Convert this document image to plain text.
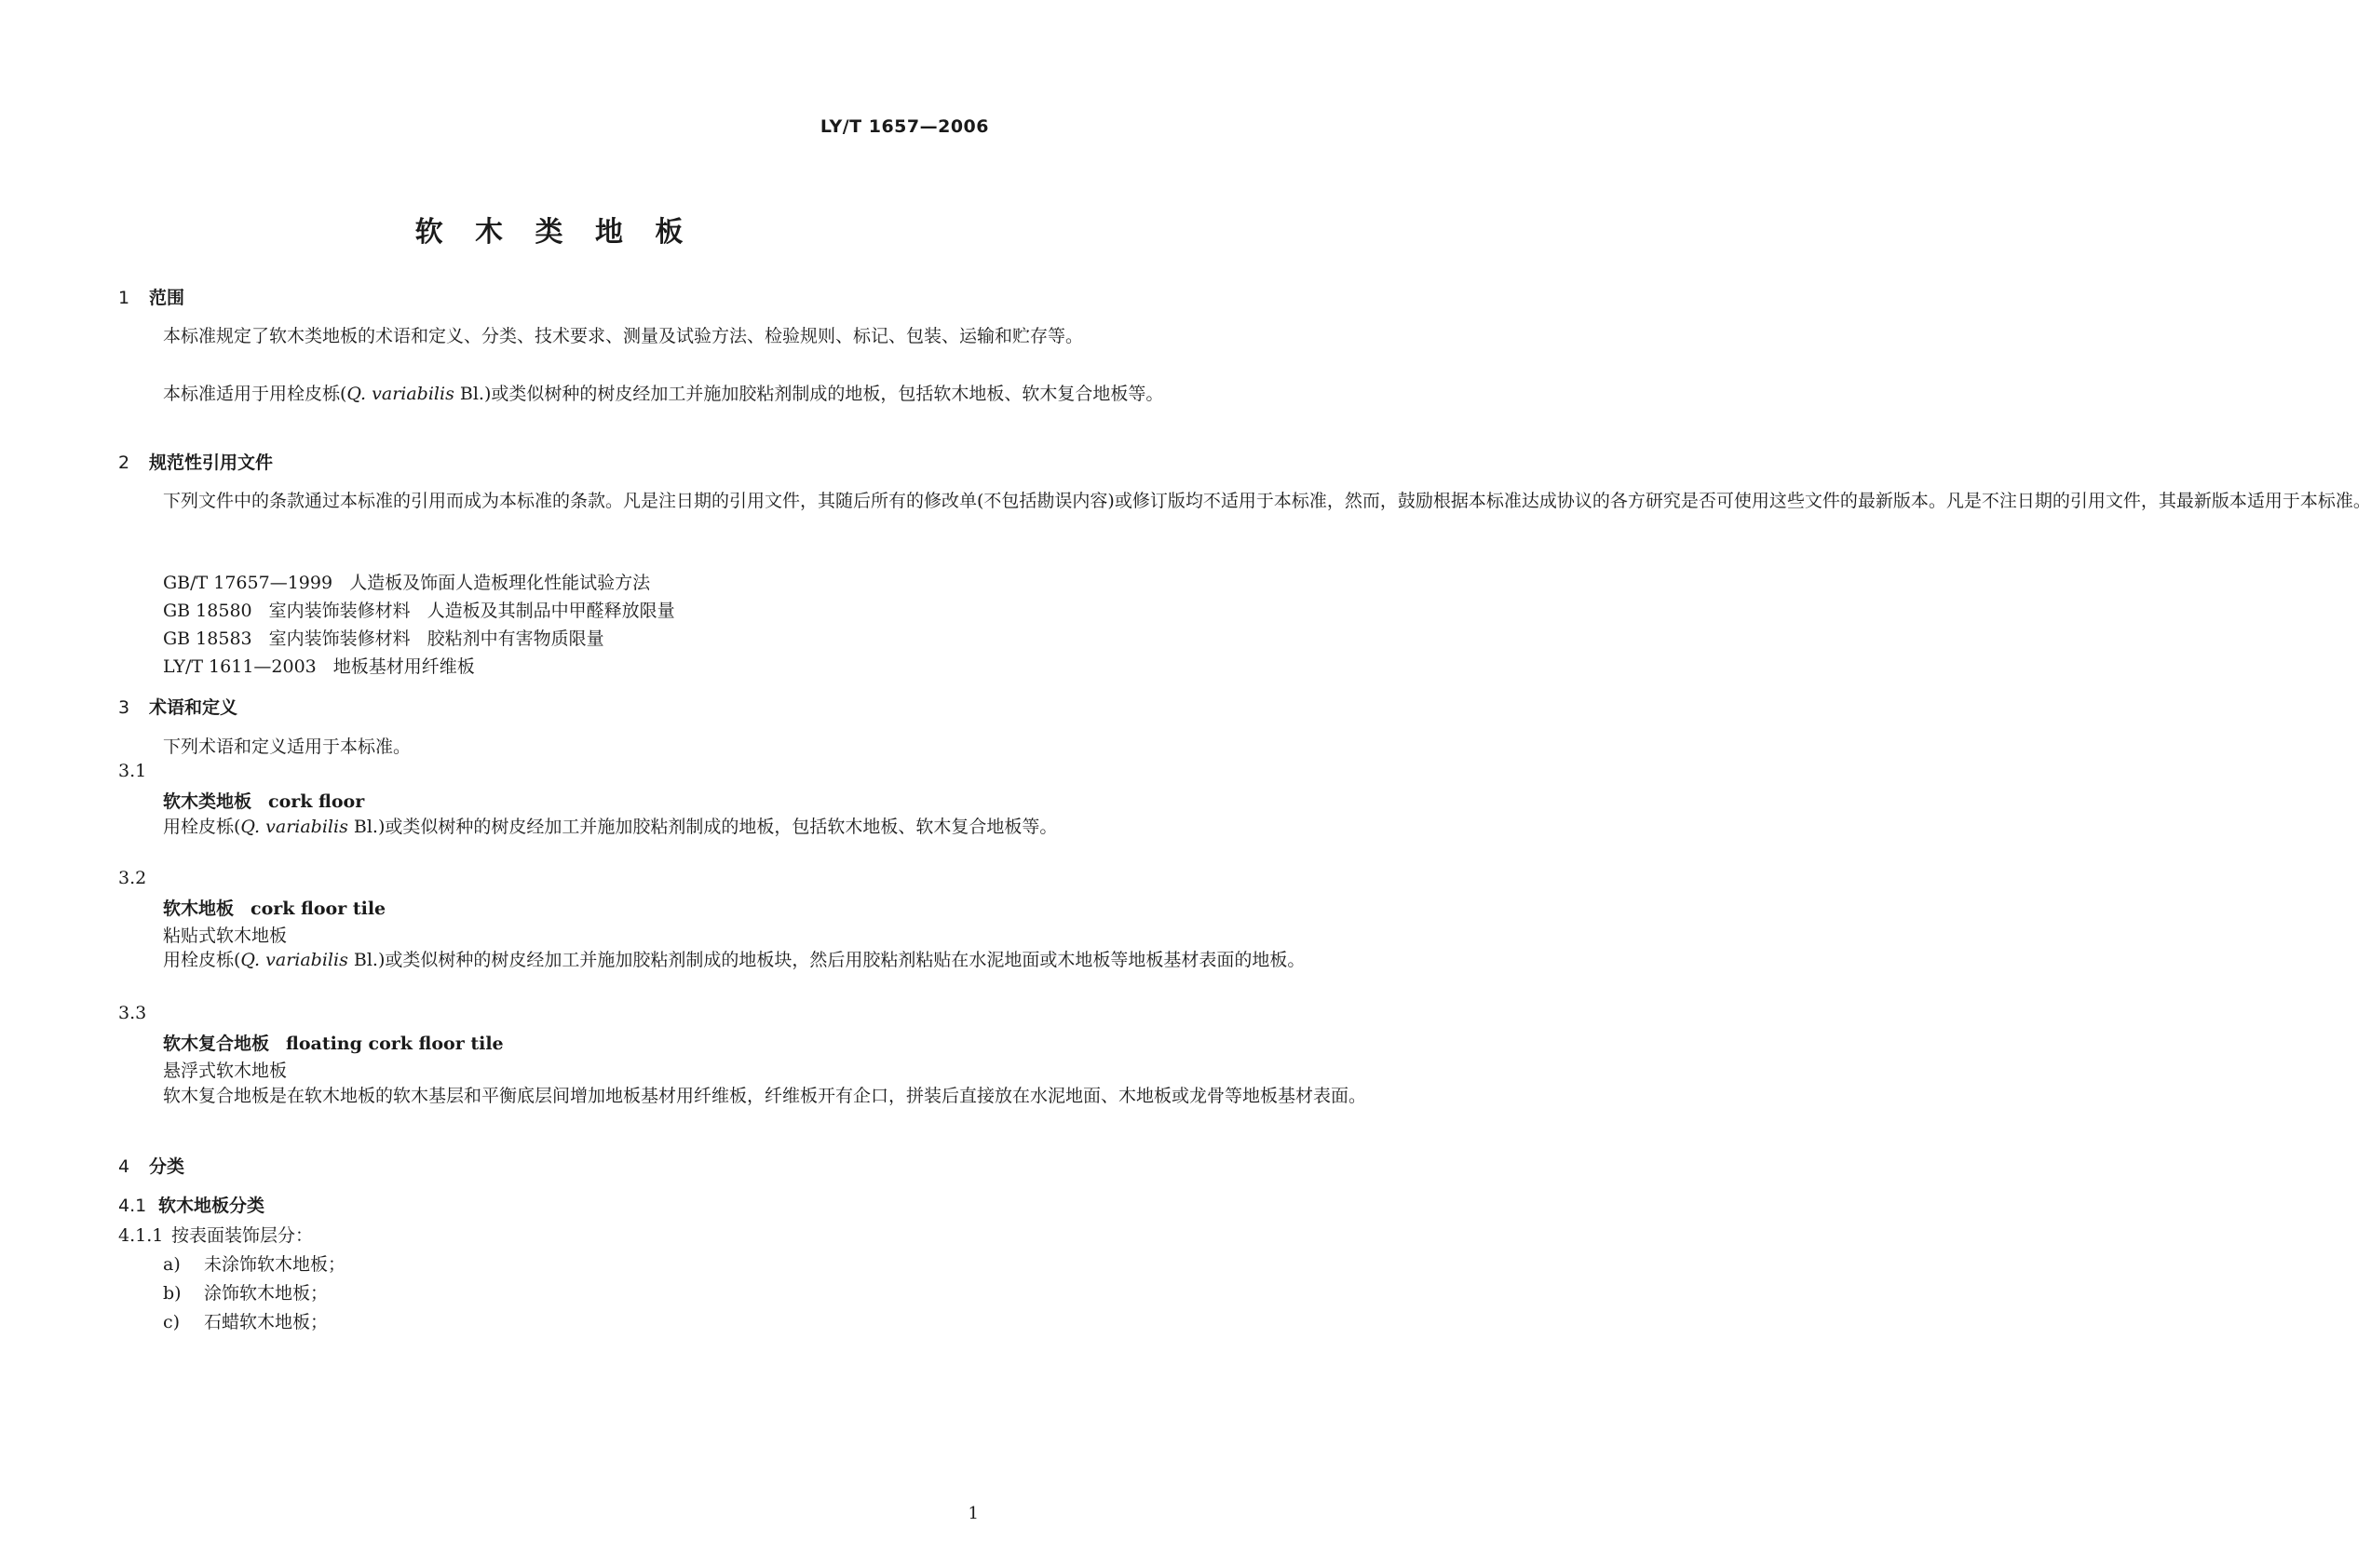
LY/T 1657—2006
软 木 类 地 板
1 范围
本标准规定了软木类地板的术语和定义、分类、技术要求、测量及试验方法、检验规则、标记、包装、运输和贮存等。
本标准适用于用栓皮栎(Q. variabilis Bl.)或类似树种的树皮经加工并施加胶粘剂制成的地板，包括软木地板、软木复合地板等。
2 规范性引用文件
下列文件中的条款通过本标准的引用而成为本标准的条款。凡是注日期的引用文件，其随后所有的修改单(不包括勘误内容)或修订版均不适用于本标准，然而，鼓励根据本标准达成协议的各方研究是否可使用这些文件的最新版本。凡是不注日期的引用文件，其最新版本适用于本标准。
GB/T 17657—1999 人造板及饰面人造板理化性能试验方法
GB 18580 室内装饰装修材料 人造板及其制品中甲醛释放限量
GB 18583 室内装饰装修材料 胶粘剂中有害物质限量
LY/T 1611—2003 地板基材用纤维板
3 术语和定义
下列术语和定义适用于本标准。
3.1
软木类地板 cork floor
用栓皮栎(Q. variabilis Bl.)或类似树种的树皮经加工并施加胶粘剂制成的地板，包括软木地板、软木复合地板等。
3.2
软木地板 cork floor tile
粘贴式软木地板
用栓皮栎(Q. variabilis Bl.)或类似树种的树皮经加工并施加胶粘剂制成的地板块，然后用胶粘剂粘贴在水泥地面或木地板等地板基材表面的地板。
3.3
软木复合地板 floating cork floor tile
悬浮式软木地板
软木复合地板是在软木地板的软木基层和平衡底层间增加地板基材用纤维板，纤维板开有企口，拼装后直接放在水泥地面、木地板或龙骨等地板基材表面。
4 分类
4.1 软木地板分类
4.1.1 按表面装饰层分：
a) 未涂饰软木地板；
b) 涂饰软木地板；
c) 石蜡软木地板；
1
